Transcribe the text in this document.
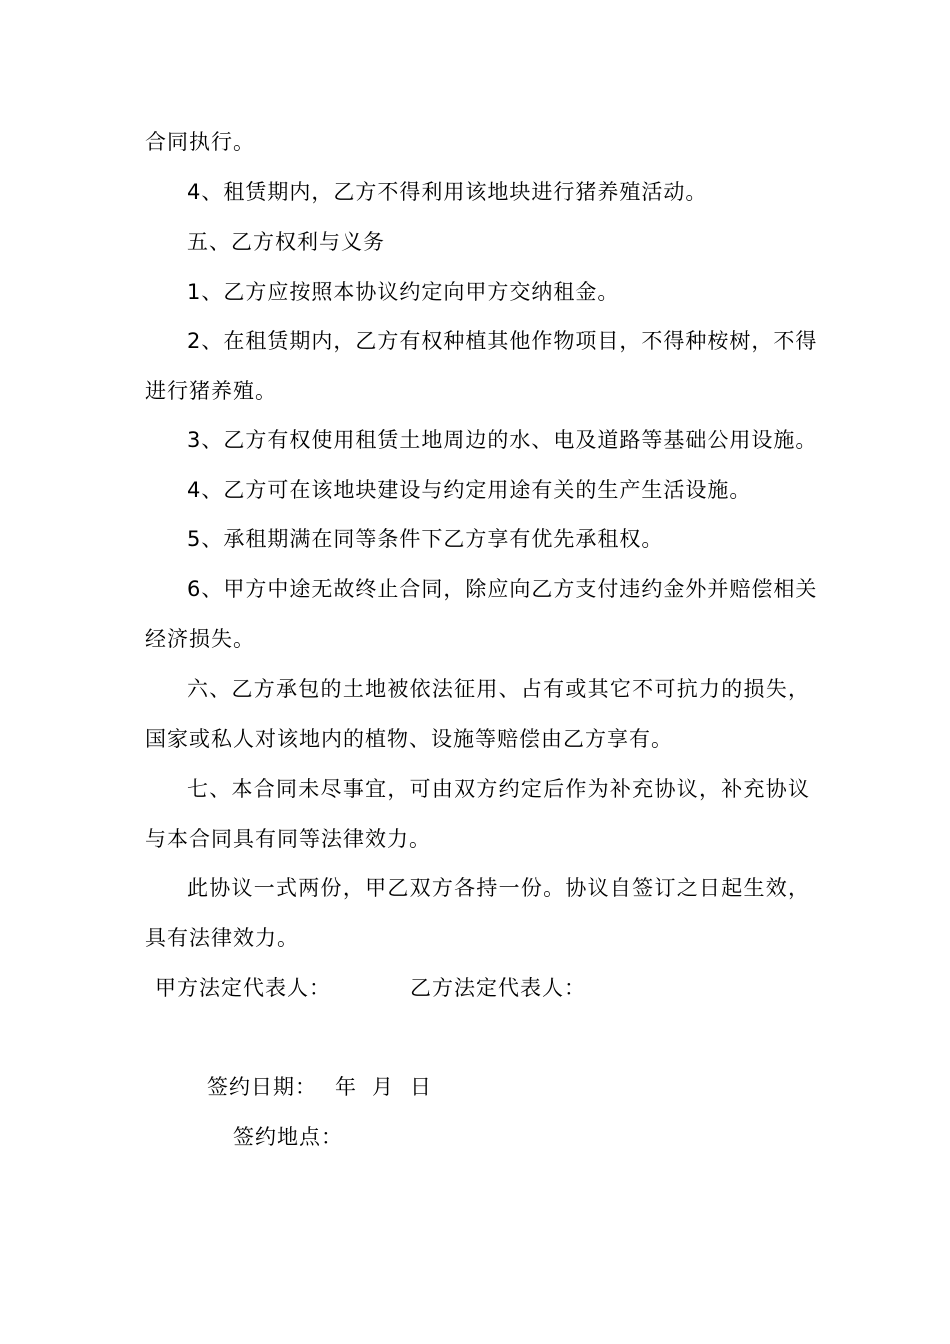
合同执行。
4、租赁期内，乙方不得利用该地块进行猪养殖活动。
五、乙方权利与义务
1、乙方应按照本协议约定向甲方交纳租金。
2、在租赁期内，乙方有权种植其他作物项目，不得种桉树，不得
进行猪养殖。
3、乙方有权使用租赁土地周边的水、电及道路等基础公用设施。
4、乙方可在该地块建设与约定用途有关的生产生活设施。
5、承租期满在同等条件下乙方享有优先承租权。
6、甲方中途无故终止合同，除应向乙方支付违约金外并赔偿相关
经济损失。
六、乙方承包的土地被依法征用、占有或其它不可抗力的损失，
国家或私人对该地内的植物、设施等赔偿由乙方享有。
七、本合同未尽事宜，可由双方约定后作为补充协议，补充协议
与本合同具有同等法律效力。
此协议一式两份，甲乙双方各持一份。协议自签订之日起生效，
具有法律效力。
甲方法定代表人：	乙方法定代表人：
签约日期： 年 月 日
签约地点：
